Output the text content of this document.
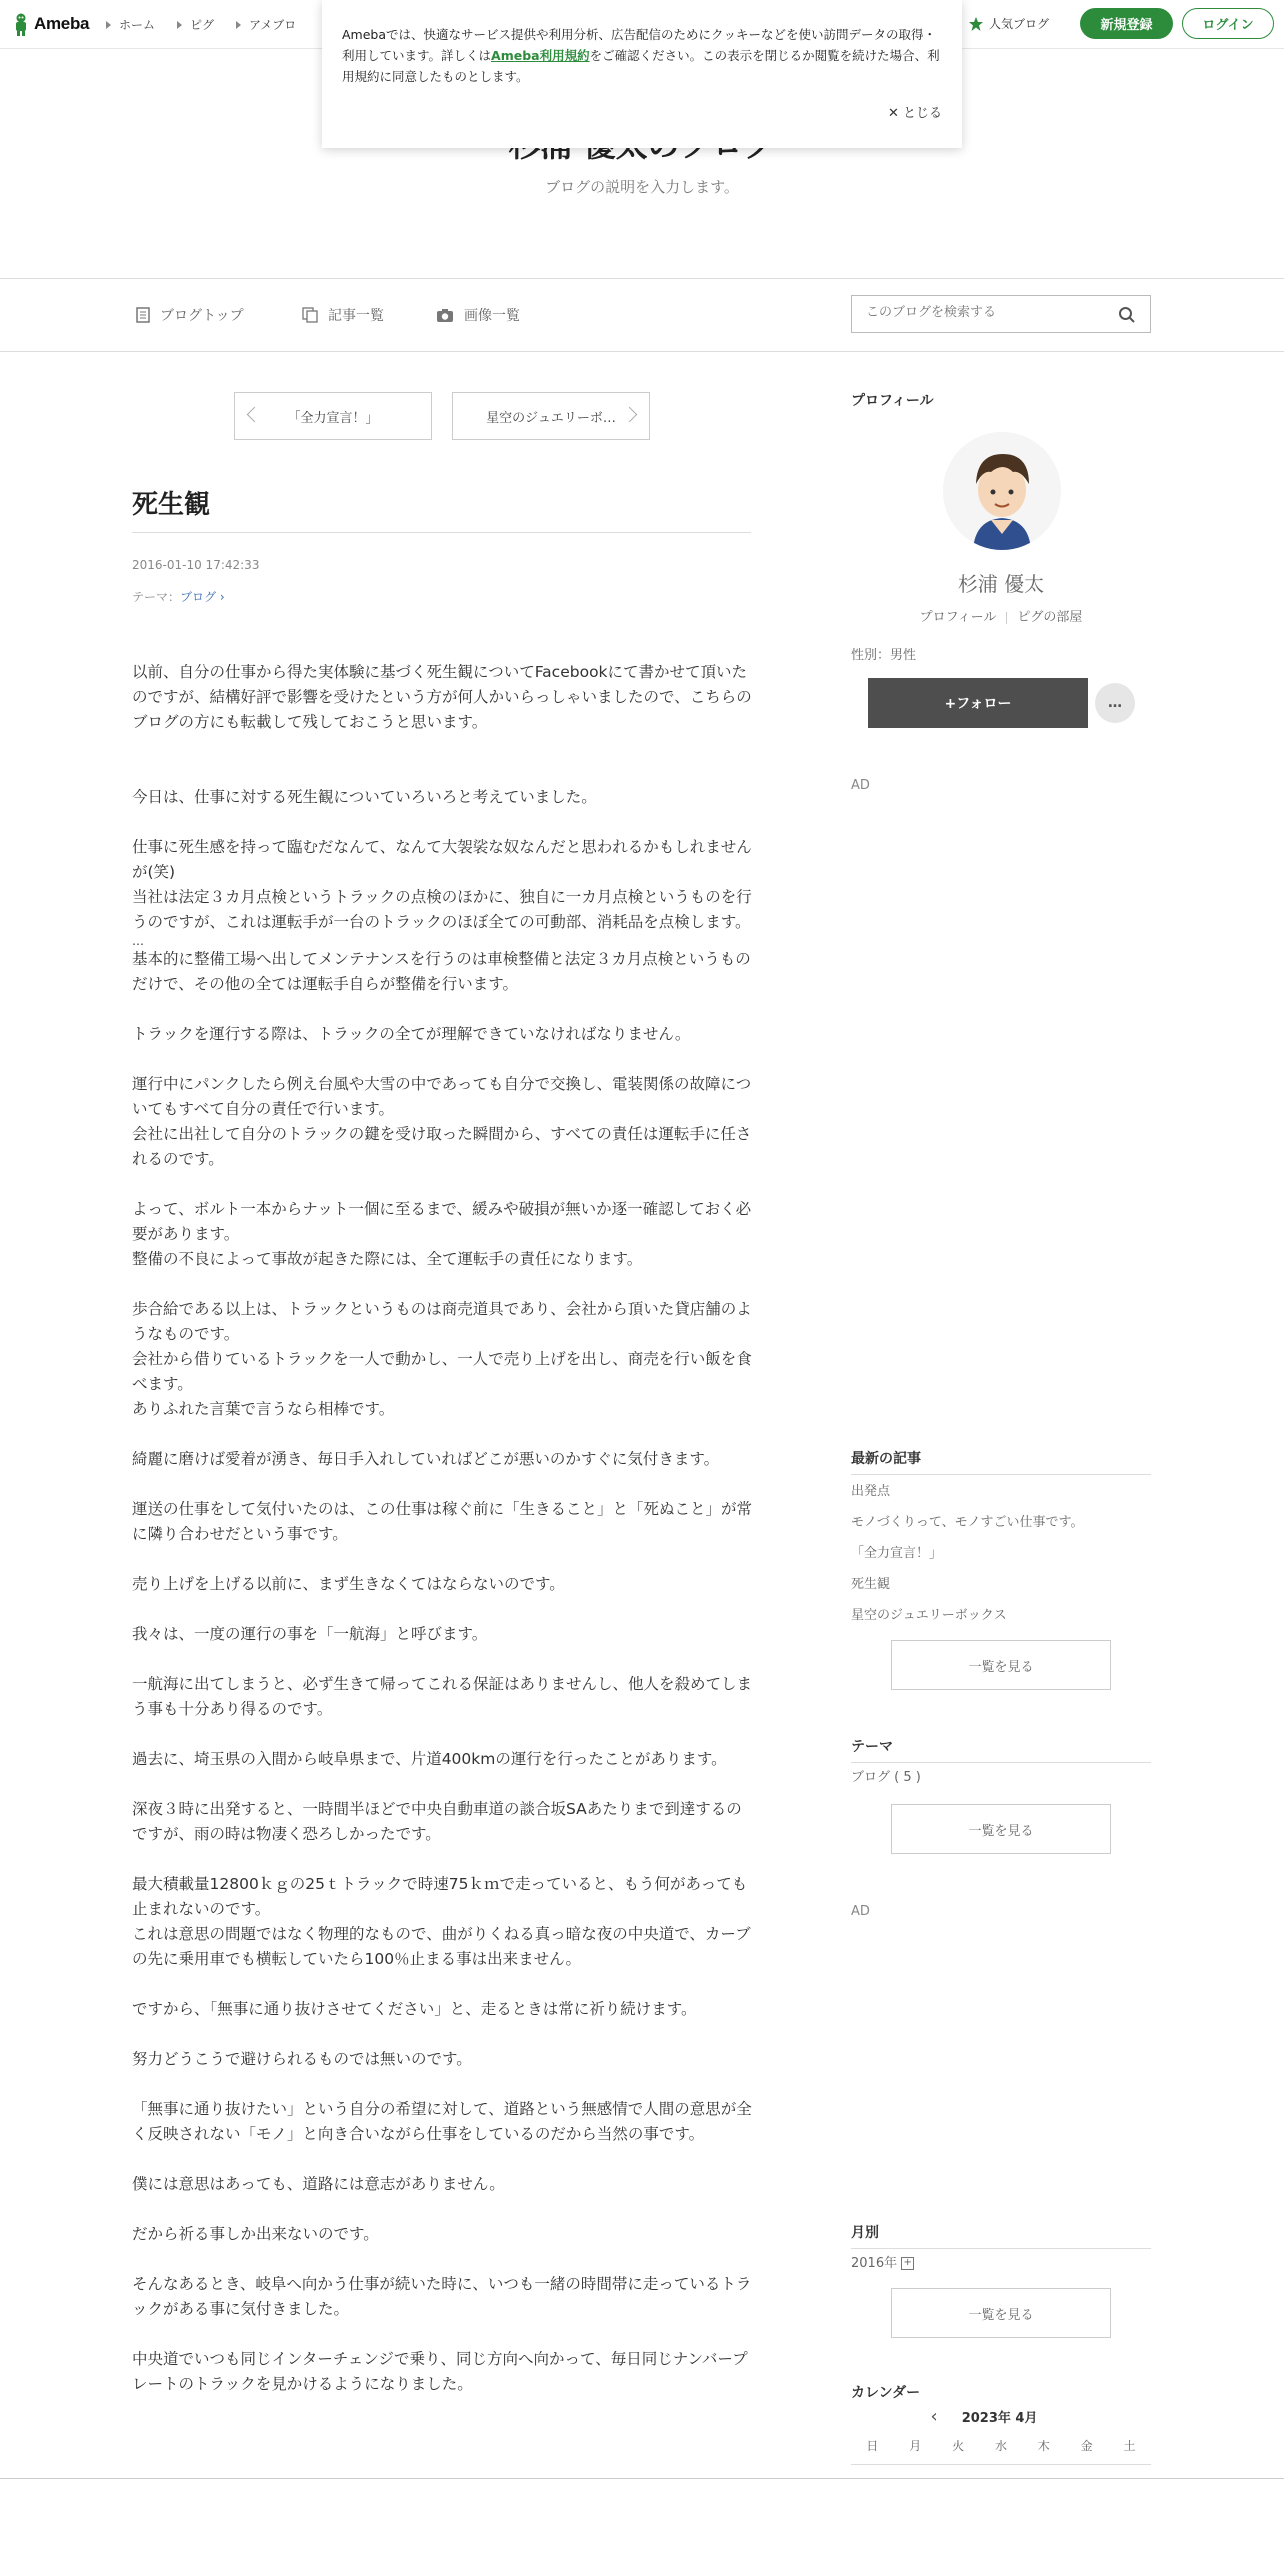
Ameba ホーム	ピグ	アメブロ	人気ブログ	新規登録	ログイン
Amebaでは、快適なサービス提供や利用分析、広告配信のためにクッキーなどを使い訪問データの取得・利用しています。詳しくはAmeba利用規約をご確認ください。この表示を閉じるか閲覧を続けた場合、利用規約に同意したものとします。
✕ とじる
ブログの説明を入力します。
ブログトップ	記事一覧	画像一覧
このブログを検索する
「全力宣言！」	星空のジュエリーボ…
死生観
2016-01-10 17:42:33
テーマ：ブログ ›

以前、自分の仕事から得た実体験に基づく死生観についてFacebookにて書かせて頂いたのですが、結構好評で影響を受けたという方が何人かいらっしゃいましたので、こちらのブログの方にも転載して残しておこうと思います。

今日は、仕事に対する死生観についていろいろと考えていました。

仕事に死生感を持って臨むだなんて、なんて大袈裟な奴なんだと思われるかもしれませんが(笑)

当社は法定３カ月点検というトラックの点検のほかに、独自に一カ月点検というものを行うのですが、これは運転手が一台のトラックのほぼ全ての可動部、消耗品を点検します。

…

基本的に整備工場へ出してメンテナンスを行うのは車検整備と法定３カ月点検というものだけで、その他の全ては運転手自らが整備を行います。

トラックを運行する際は、トラックの全てが理解できていなければなりません。

運行中にパンクしたら例え台風や大雪の中であっても自分で交換し、電装関係の故障についてもすべて自分の責任で行います。

会社に出社して自分のトラックの鍵を受け取った瞬間から、すべての責任は運転手に任されるのです。

よって、ボルト一本からナット一個に至るまで、緩みや破損が無いか逐一確認しておく必要があります。

整備の不良によって事故が起きた際には、全て運転手の責任になります。

歩合給である以上は、トラックというものは商売道具であり、会社から頂いた貸店舗のようなものです。

会社から借りているトラックを一人で動かし、一人で売り上げを出し、商売を行い飯を食べます。

ありふれた言葉で言うなら相棒です。

綺麗に磨けば愛着が湧き、毎日手入れしていればどこが悪いのかすぐに気付きます。

運送の仕事をして気付いたのは、この仕事は稼ぐ前に「生きること」と「死ぬこと」が常に隣り合わせだという事です。

売り上げを上げる以前に、まず生きなくてはならないのです。

我々は、一度の運行の事を「一航海」と呼びます。

一航海に出てしまうと、必ず生きて帰ってこれる保証はありませんし、他人を殺めてしまう事も十分あり得るのです。

過去に、埼玉県の入間から岐阜県まで、片道400kmの運行を行ったことがあります。

深夜３時に出発すると、一時間半ほどで中央自動車道の談合坂SAあたりまで到達するのですが、雨の時は物凄く恐ろしかったです。

最大積載量12800ｋｇの25ｔトラックで時速75ｋｍで走っていると、もう何があっても止まれないのです。

これは意思の問題ではなく物理的なもので、曲がりくねる真っ暗な夜の中央道で、カーブの先に乗用車でも横転していたら100％止まる事は出来ません。

ですから、「無事に通り抜けさせてください」と、走るときは常に祈り続けます。

努力どうこうで避けられるものでは無いのです。

「無事に通り抜けたい」という自分の希望に対して、道路という無感情で人間の意思が全く反映されない「モノ」と向き合いながら仕事をしているのだから当然の事です。

僕には意思はあっても、道路には意志がありません。

だから祈る事しか出来ないのです。

そんなあるとき、岐阜へ向かう仕事が続いた時に、いつも一緒の時間帯に走っているトラックがある事に気付きました。

中央道でいつも同じインターチェンジで乗り、同じ方向へ向かって、毎日同じナンバープレートのトラックを見かけるようになりました。

プロフィール
杉浦 優太
プロフィール ピグの部屋
性別：男性
+フォロー	…
AD
最新の記事
出発点
モノづくりって、モノすごい仕事です。
「全力宣言！」
死生観
星空のジュエリーボックス
一覧を見る
テーマ
ブログ ( 5 )
一覧を見る
AD
月別
2016年 +
一覧を見る
カレンダー
‹ 2023年 4月
日	月	火	水	木	金	土
